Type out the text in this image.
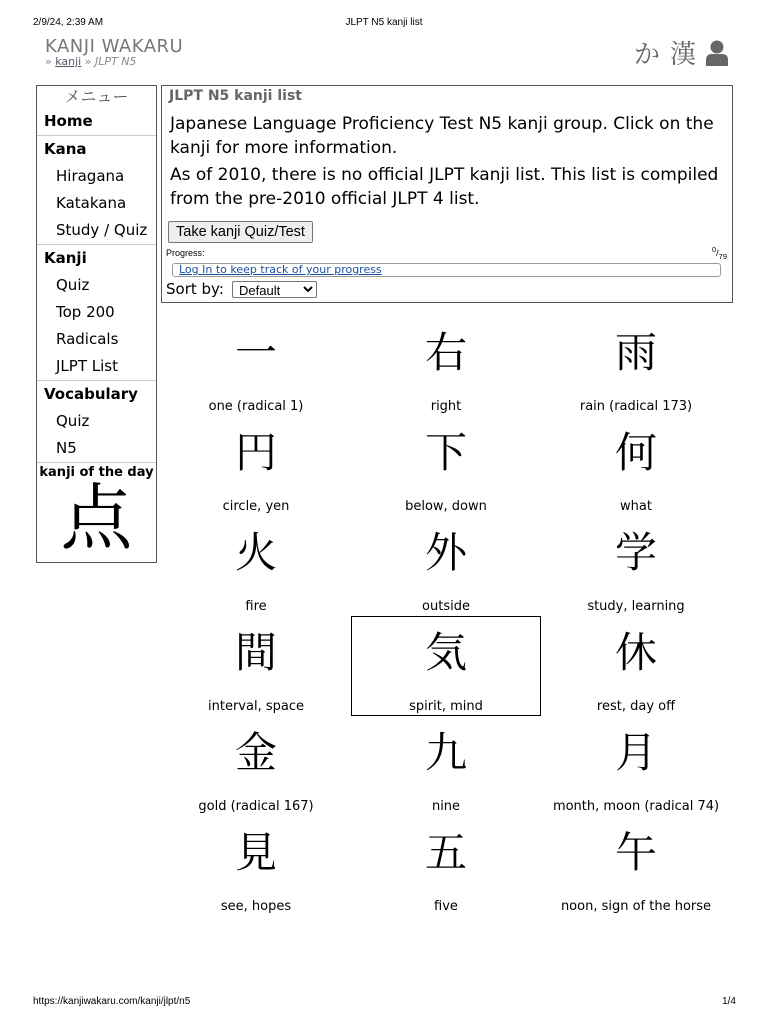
2/9/24, 2:39 AM	JLPT N5 kanji list
KANJI WAKARU
» kanji » JLPT N5	か 漢
メニュー
Home
Kana
Hiragana
Katakana
Study / Quiz
Kanji
Quiz
Top 200
Radicals
JLPT List
Vocabulary
Quiz
N5
kanji of the day
点
JLPT N5 kanji list
Japanese Language Proficiency Test N5 kanji group. Click on the kanji for more information.
As of 2010, there is no official JLPT kanji list. This list is compiled from the pre-2010 official JLPT 4 list.
Take kanji Quiz/Test
Progress:	$^0/_{79}$
Log In to keep track of your progress
Sort by:
Default
一
one (radical 1)
右
right
雨
rain (radical 173)
円
circle, yen
下
below, down
何
what
火
fire
外
outside
学
study, learning
間
interval, space
気
spirit, mind
休
rest, day off
金
gold (radical 167)
九
nine
月
month, moon (radical 74)
見
see, hopes
五
five
午
noon, sign of the horse
https://kanjiwakaru.com/kanji/jlpt/n5	1/4
